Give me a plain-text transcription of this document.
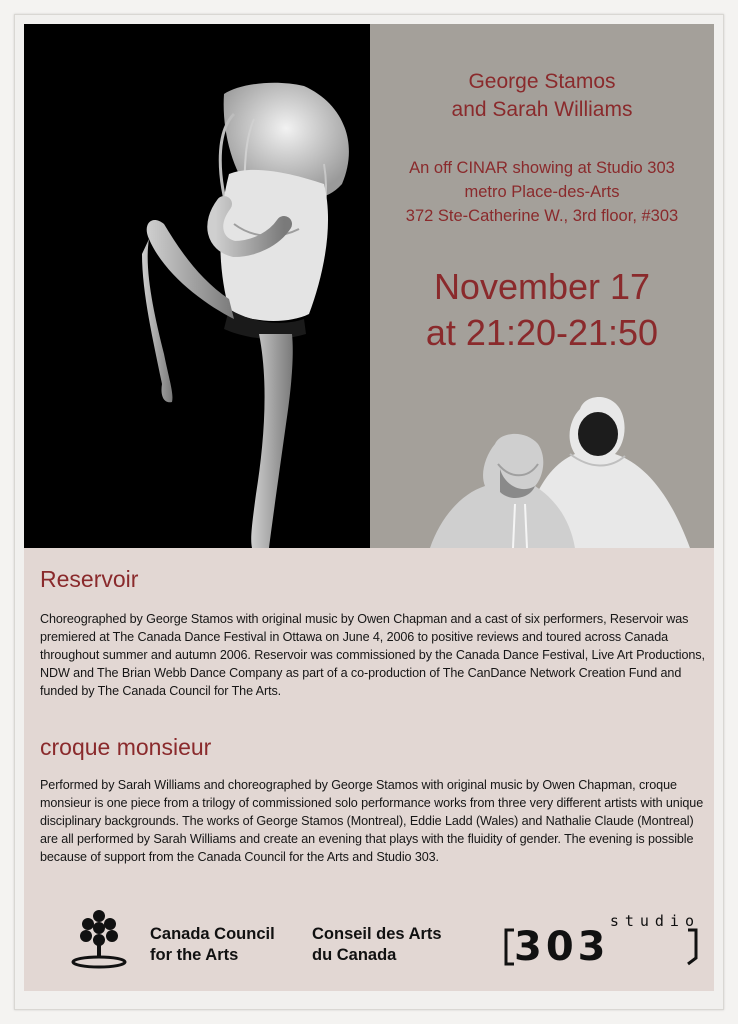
George Stamos
and Sarah Williams
An off CINAR showing at Studio 303
metro Place-des-Arts
372 Ste-Catherine W., 3rd floor, #303
November 17
at 21:20-21:50
Reservoir
Choreographed by George Stamos with original music by Owen Chapman and a cast of six performers, Reservoir was premiered at The Canada Dance Festival in Ottawa on June 4, 2006 to positive reviews and toured across Canada throughout summer and autumn 2006. Reservoir was commissioned by the Canada Dance Festival, Live Art Productions, NDW and The Brian Webb Dance Company as part of a co-production of The CanDance Network Creation Fund and funded by The Canada Council for The Arts.
croque monsieur
Performed by Sarah Williams and choreographed by George Stamos with original music by Owen Chapman, croque monsieur is one piece from a trilogy of commissioned solo performance works from three very different artists with unique disciplinary backgrounds. The works of George Stamos (Montreal), Eddie Ladd (Wales) and Nathalie Claude (Montreal) are all performed by Sarah Williams and create an evening that plays with the fluidity of gender. The evening is possible because of support from the Canada Council for the Arts and Studio 303.
Canada Council
for the Arts
Conseil des Arts
du Canada
studio
303
